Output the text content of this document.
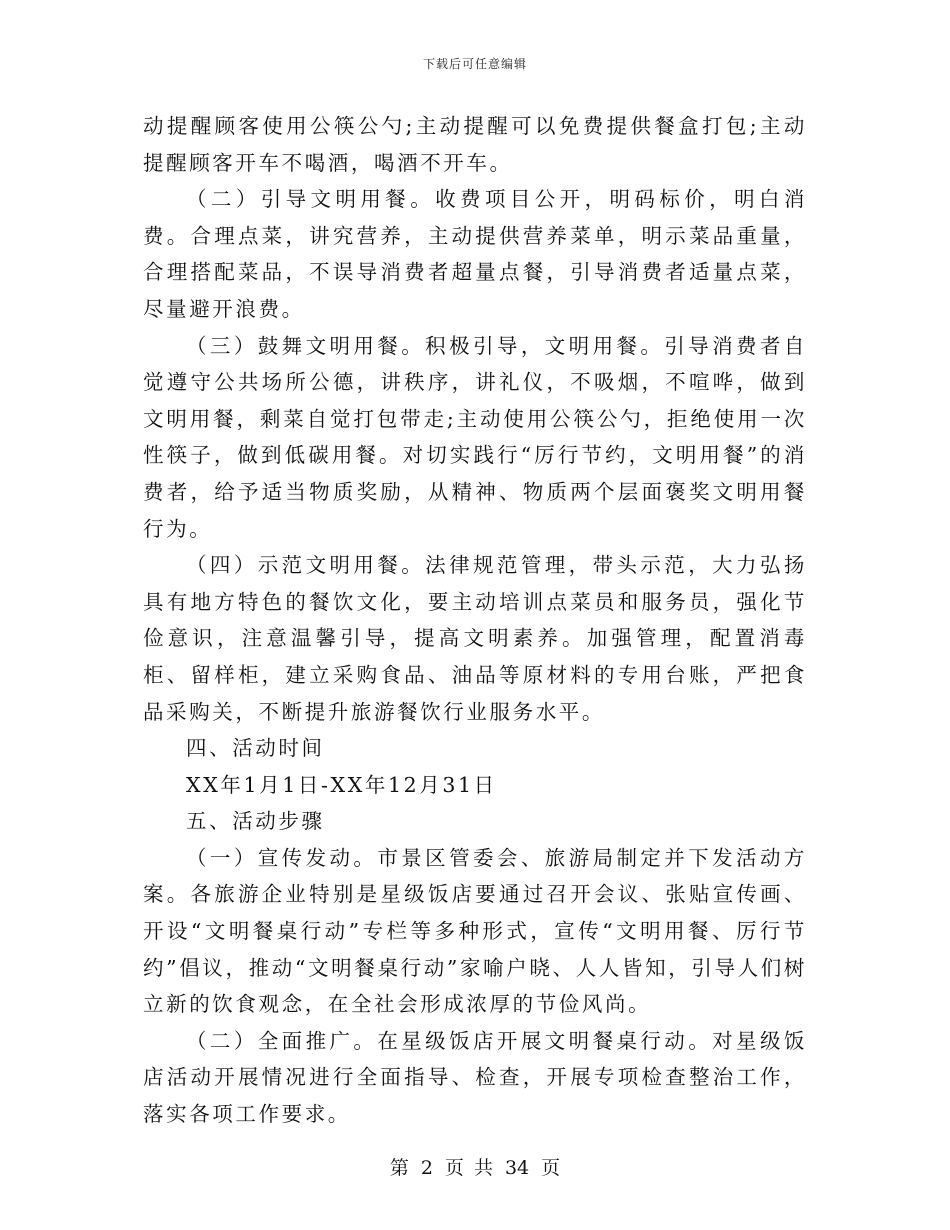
下载后可任意编辑

动提醒顾客使用公筷公勺;主动提醒可以免费提供餐盒打包;主动提醒顾客开车不喝酒，喝酒不开车。

（二）引导文明用餐。收费项目公开，明码标价，明白消费。合理点菜，讲究营养，主动提供营养菜单，明示菜品重量，合理搭配菜品，不误导消费者超量点餐，引导消费者适量点菜，尽量避开浪费。

（三）鼓舞文明用餐。积极引导，文明用餐。引导消费者自觉遵守公共场所公德，讲秩序，讲礼仪，不吸烟，不喧哗，做到文明用餐，剩菜自觉打包带走;主动使用公筷公勺，拒绝使用一次性筷子，做到低碳用餐。对切实践行“厉行节约，文明用餐”的消费者，给予适当物质奖励，从精神、物质两个层面褒奖文明用餐行为。

（四）示范文明用餐。法律规范管理，带头示范，大力弘扬具有地方特色的餐饮文化，要主动培训点菜员和服务员，强化节俭意识，注意温馨引导，提高文明素养。加强管理，配置消毒柜、留样柜，建立采购食品、油品等原材料的专用台账，严把食品采购关，不断提升旅游餐饮行业服务水平。

四、活动时间

XX年1月1日-XX年12月31日

五、活动步骤

（一）宣传发动。市景区管委会、旅游局制定并下发活动方案。各旅游企业特别是星级饭店要通过召开会议、张贴宣传画、开设“文明餐桌行动”专栏等多种形式，宣传“文明用餐、厉行节约”倡议，推动“文明餐桌行动”家喻户晓、人人皆知，引导人们树立新的饮食观念，在全社会形成浓厚的节俭风尚。

（二）全面推广。在星级饭店开展文明餐桌行动。对星级饭店活动开展情况进行全面指导、检查，开展专项检查整治工作，落实各项工作要求。

第 2 页 共 34 页
